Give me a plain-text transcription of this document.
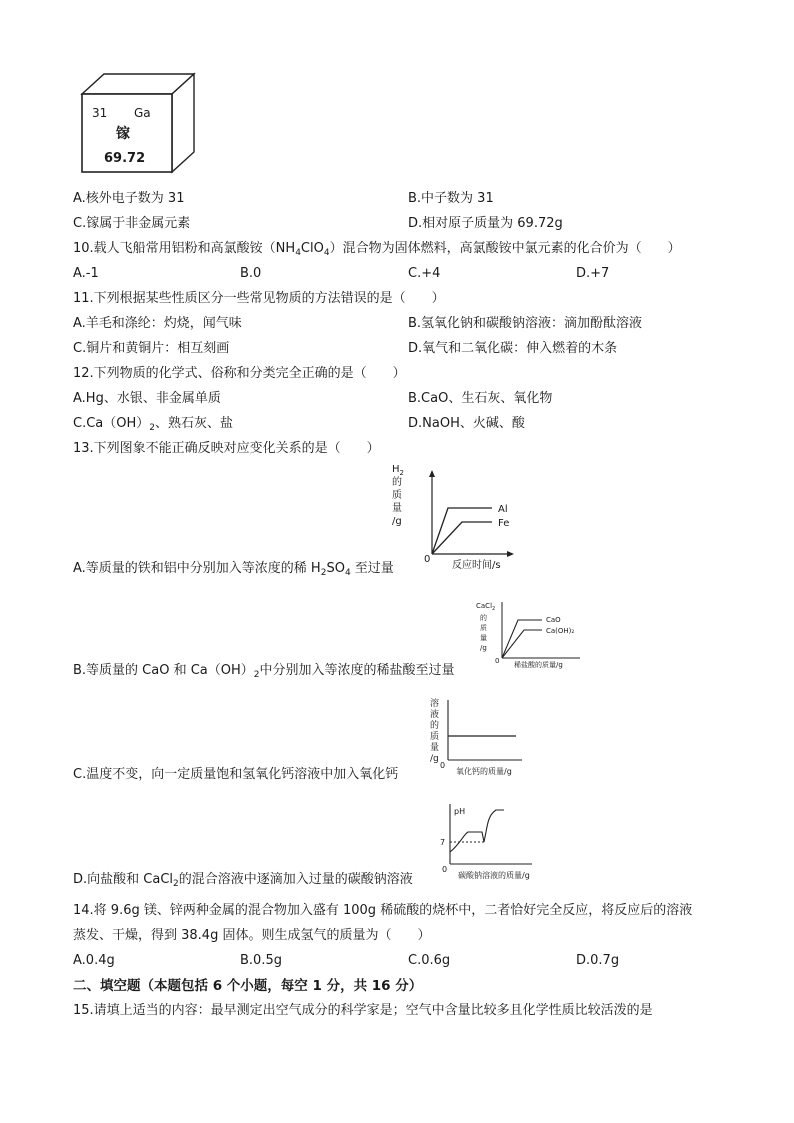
31 Ga
镓
69.72
A.核外电子数为 31	B.中子数为 31
C.镓属于非金属元素	D.相对原子质量为 69.72g
10.载人飞船常用铝粉和高氯酸铵$(NH_4ClO_4)$混合物为固体燃料，高氯酸铵中氯元素的化合价为（　　）
A.-1	B.0	C.+4	D.+7
11.下列根据某些性质区分一些常见物质的方法错误的是（　　）
A.羊毛和涤纶：灼烧，闻气味	B.氢氧化钠和碳酸钠溶液：滴加酚酞溶液
C.铜片和黄铜片：相互刻画	D.氧气和二氧化碳：伸入燃着的木条
12.下列物质的化学式、俗称和分类完全正确的是（　　）
A.Hg、水银、非金属单质	B.CaO、生石灰、氧化物
$C.Ca(OH)_2$、熟石灰、盐	D.NaOH、火碱、酸
13.下列图象不能正确反映对应变化关系的是（　　）
$H_2$ 的质量/g
Al
Fe
0
反应时间/s
A.等质量的铁和铝中分别加入等浓度的稀 $H_2SO_4$ 至过量
CaCl$_2$ 的质量/g
CaO
Ca(OH)₂
0 稀盐酸的质量/g
B.等质量的 CaO 和 $Ca(OH)_2$中分别加入等浓度的稀盐酸至过量
溶液的质量/g
0
氧化钙的质量/g
C.温度不变，向一定质量饱和氢氧化钙溶液中加入氧化钙
pH
7
0
碳酸钠溶液的质量/g
D.向盐酸和 CaCl$_2$的混合溶液中逐滴加入过量的碳酸钠溶液
14.将 9.6g 镁、锌两种金属的混合物加入盛有 100g 稀硫酸的烧杯中，二者恰好完全反应，将反应后的溶液
蒸发、干燥，得到 38.4g 固体。则生成氢气的质量为（　　）
A.0.4g	B.0.5g	C.0.6g	D.0.7g
二、填空题（本题包括 6 个小题，每空 1 分，共 16 分）
15.请填上适当的内容：最早测定出空气成分的科学家是；空气中含量比较多且化学性质比较活泼的是
